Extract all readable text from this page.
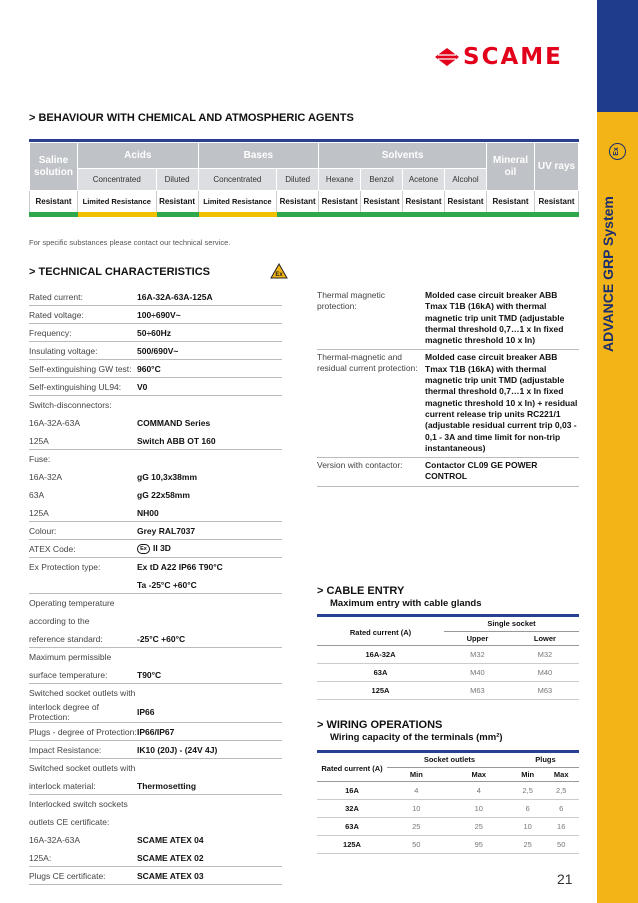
Ex
ADVANCE GRP System
SCAME
> BEHAVIOUR WITH CHEMICAL AND ATMOSPHERIC AGENTS
Saline solution	Acids		Bases		Solvents				Mineral oil	UV rays
	Concentrated	Diluted	Concentrated	Diluted	Hexane	Benzol	Acetone	Alcohol		
Resistant	Limited Resistance	Resistant	Limited Resistance	Resistant	Resistant	Resistant	Resistant	Resistant	Resistant	Resistant
For specific substances please contact our technical service.
> TECHNICAL CHARACTERISTICS	Ex
Rated current:	16A-32A-63A-125A
Rated voltage:	100÷690V~
Frequency:	50÷60Hz
Insulating voltage:	500/690V~
Self-extinguishing GW test: 960°C
Self-extinguishing UL94:	V0
Switch-disconnectors:
16A-32A-63A	COMMAND Series
125A	Switch ABB OT 160
Fuse:
16A-32A	gG 10,3x38mm
63A	gG 22x58mm
125A	NH00
Colour:	Grey RAL7037
ATEX Code:	Ex II 3D
Ex Protection type:	Ex tD A22 IP66 T90°C
Ta -25°C +60°C
Operating temperature
according to the
reference standard:	-25°C +60°C
Maximum permissible
surface temperature:	T90°C
Switched socket outlets with
interlock degree of Protection:	IP66
Plugs - degree of Protection: IP66/IP67
Impact Resistance:	IK10 (20J) - (24V 4J)
Switched socket outlets with
interlock material:	Thermosetting
Interlocked switch sockets
outlets CE certificate:
16A-32A-63A	SCAME ATEX 04
125A:	SCAME ATEX 02
Plugs CE certificate:	SCAME ATEX 03
Thermal magnetic protection:
Molded case circuit breaker ABB Tmax T1B (16kA) with thermal magnetic trip unit TMD (adjustable thermal threshold 0,7…1 x In fixed magnetic threshold 10 x In)
Thermal-magnetic and residual current protection:
Molded case circuit breaker ABB Tmax T1B (16kA) with thermal magnetic trip unit TMD (adjustable thermal threshold 0,7…1 x In fixed magnetic threshold 10 x In) + residual current release trip units RC221/1 (adjustable residual current trip 0,03 - 0,1 - 3A and time limit for non-trip instantaneous)
Version with contactor:	Contactor CL09 GE POWER CONTROL
> CABLE ENTRY
Maximum entry with cable glands
Rated current (A)	Single socket	
	Upper	Lower
16A-32A	M32	M32
63A	M40	M40
125A	M63	M63
> WIRING OPERATIONS
Wiring capacity of the terminals (mm²)
Rated current (A)	Socket outlets		Plugs	
	Min	Max	Min	Max
16A	4	4	2,5	2,5
32A	10	10	6	6
63A	25	25	10	16
125A	50	95	25	50
21
